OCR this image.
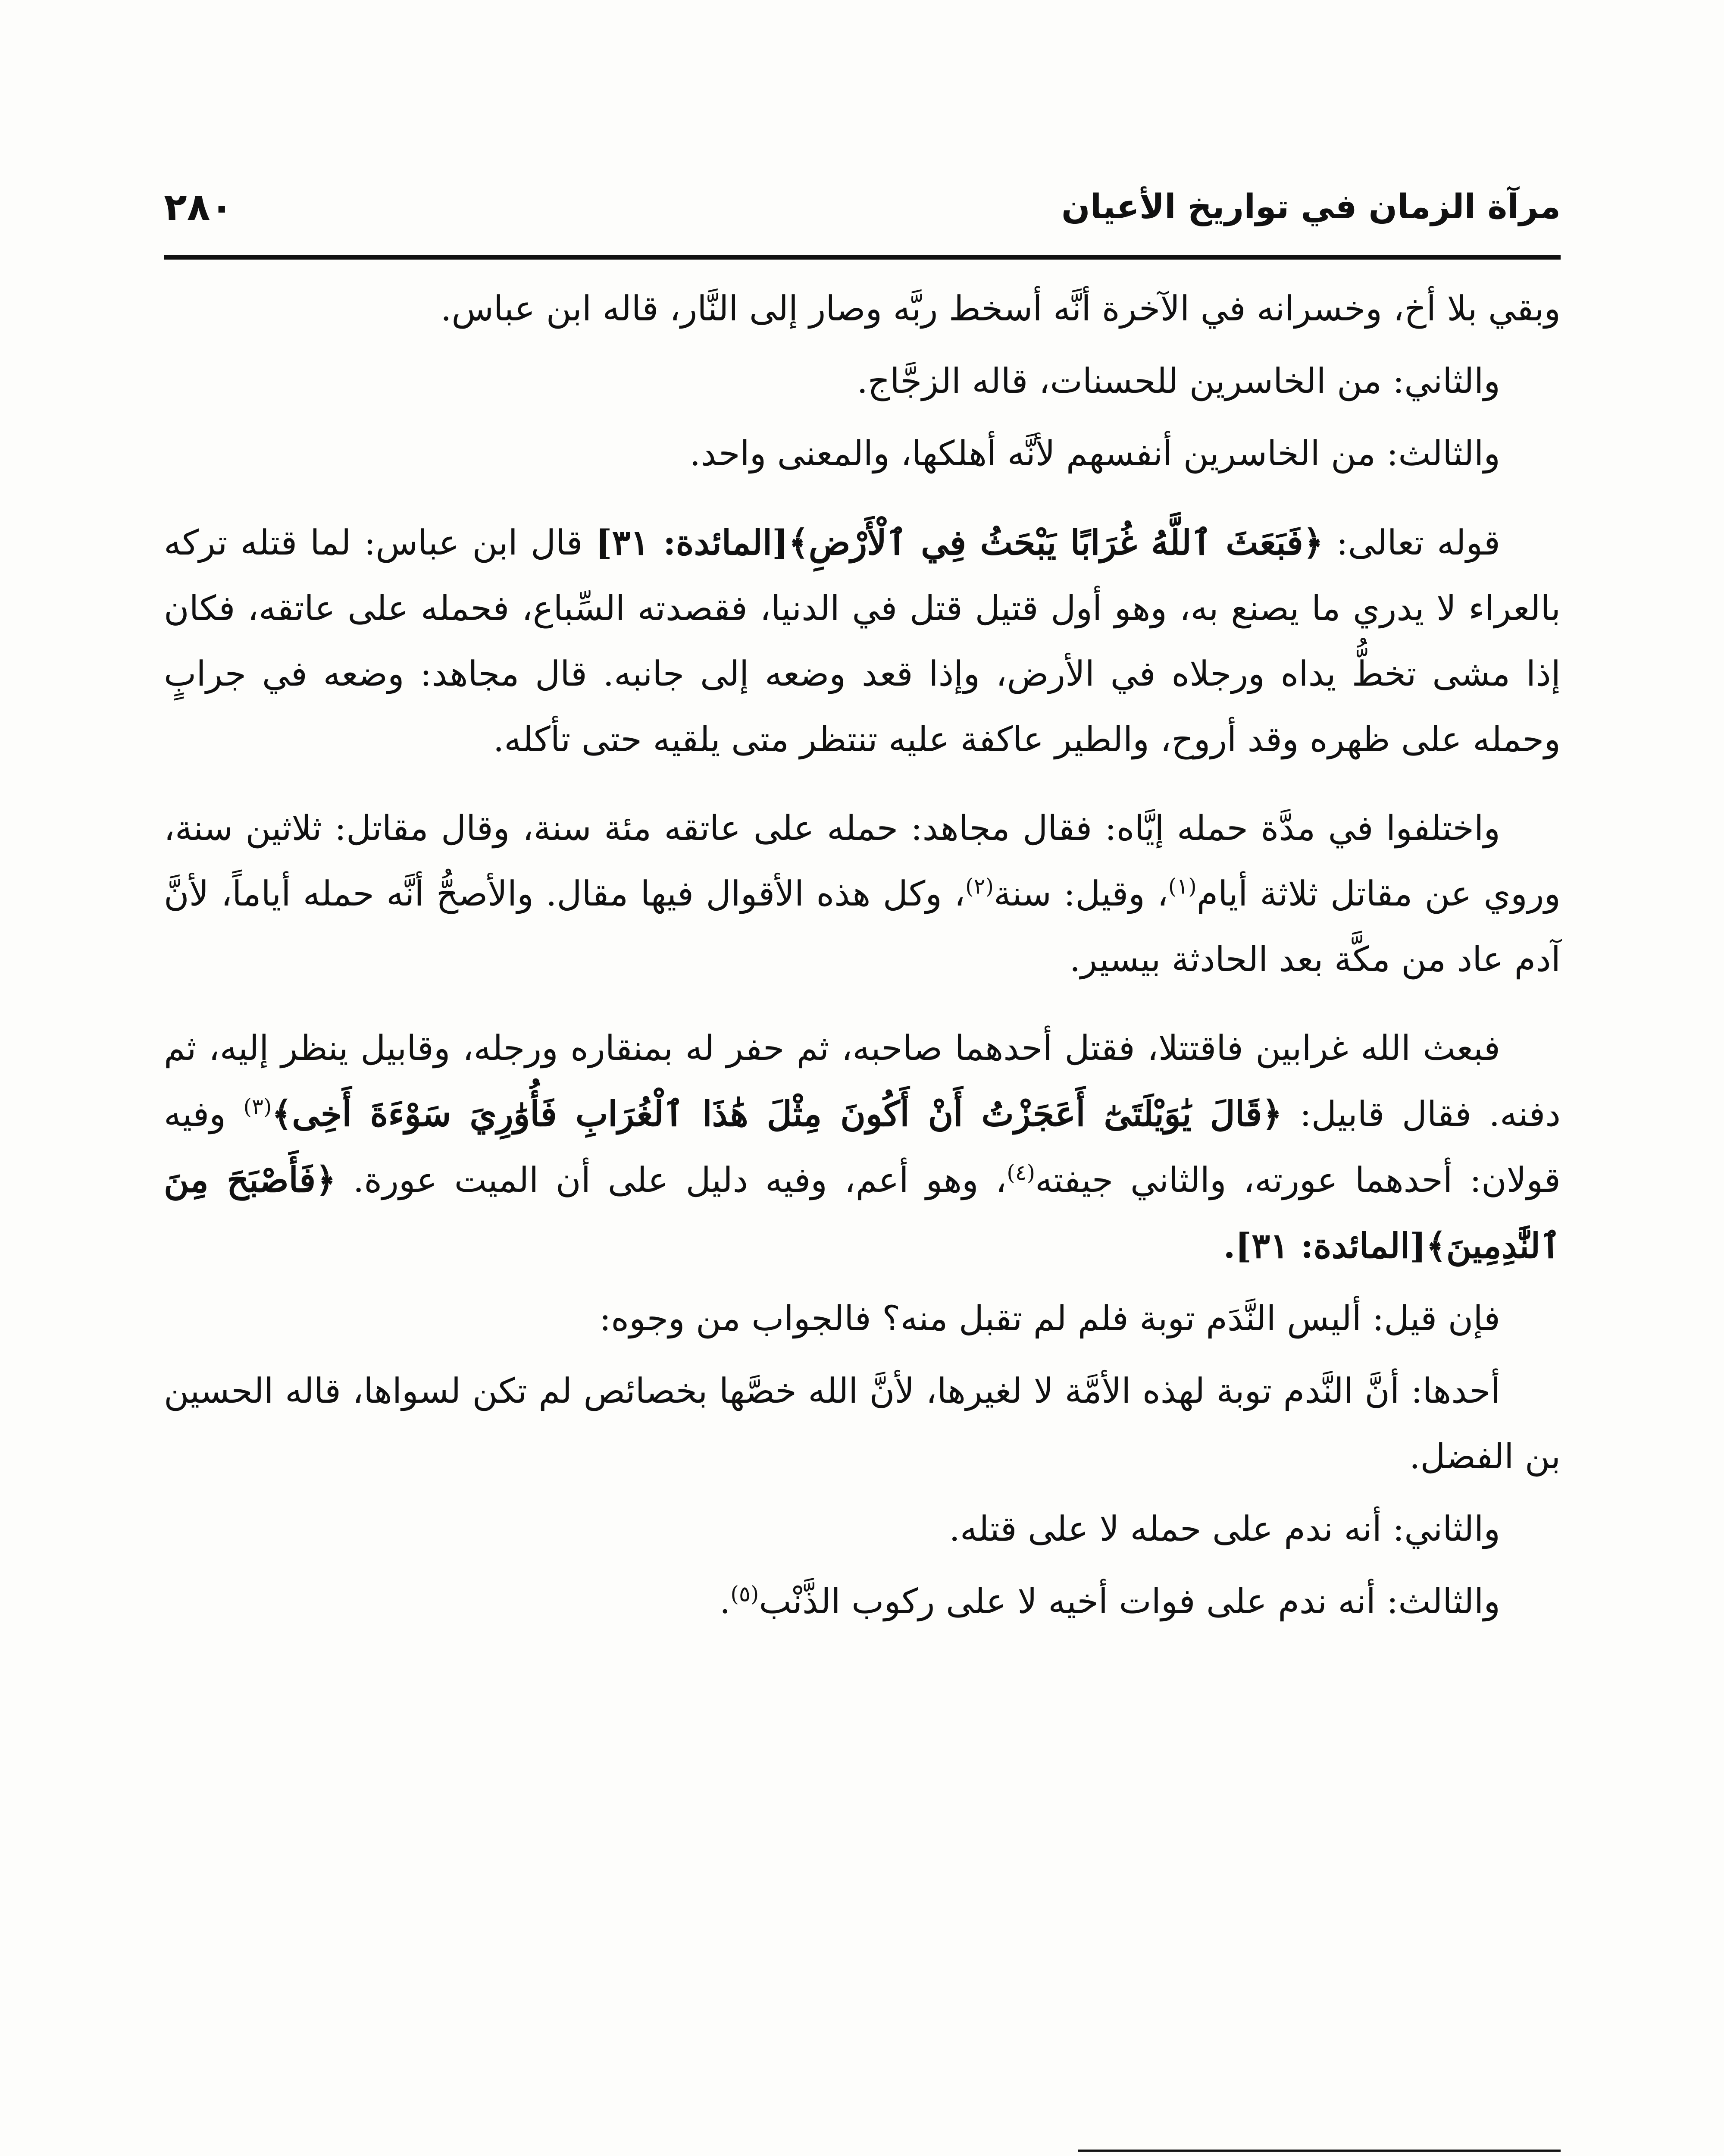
٢٨٠	مرآة الزمان في تواريخ الأعيان

وبقي بلا أخ، وخسرانه في الآخرة أنَّه أسخط ربَّه وصار إلى النَّار، قاله ابن عباس.

والثاني: من الخاسرين للحسنات، قاله الزجَّاج.

والثالث: من الخاسرين أنفسهم لأنَّه أهلكها، والمعنى واحد.

قوله تعالى: ﴿فَبَعَثَ ٱللَّهُ غُرَابًا يَبْحَثُ فِي ٱلْأَرْضِ﴾[المائدة: ٣١] قال ابن عباس: لما قتله تركه بالعراء لا يدري ما يصنع به، وهو أول قتيل قتل في الدنيا، فقصدته السِّباع، فحمله على عاتقه، فكان إذا مشى تخطُّ يداه ورجلاه في الأرض، وإذا قعد وضعه إلى جانبه. قال مجاهد: وضعه في جرابٍ وحمله على ظهره وقد أروح، والطير عاكفة عليه تنتظر متى يلقيه حتى تأكله.

واختلفوا في مدَّة حمله إيَّاه: فقال مجاهد: حمله على عاتقه مئة سنة، وقال مقاتل: ثلاثين سنة، وروي عن مقاتل ثلاثة أيام$^{(١)}$، وقيل: سنة$^{(٢)}$، وكل هذه الأقوال فيها مقال. والأصحُّ أنَّه حمله أياماً، لأنَّ آدم عاد من مكَّة بعد الحادثة بيسير.

فبعث الله غرابين فاقتتلا، فقتل أحدهما صاحبه، ثم حفر له بمنقاره ورجله، وقابيل ينظر إليه، ثم دفنه. فقال قابيل: ﴿قَالَ يَٰوَيْلَتَىٰٓ أَعَجَزْتُ أَنْ أَكُونَ مِثْلَ هَٰذَا ٱلْغُرَابِ فَأُوَٰرِيَ سَوْءَةَ أَخِى﴾$^{(٣)}$ وفيه قولان: أحدهما عورته، والثاني جيفته$^{(٤)}$، وهو أعم، وفيه دليل على أن الميت عورة. ﴿فَأَصْبَحَ مِنَ ٱلنَّٰدِمِينَ﴾[المائدة: ٣١].

فإن قيل: أليس النَّدَم توبة فلم لم تقبل منه؟ فالجواب من وجوه:

أحدها: أنَّ النَّدم توبة لهذه الأمَّة لا لغيرها، لأنَّ الله خصَّها بخصائص لم تكن لسواها، قاله الحسين بن الفضل.

والثاني: أنه ندم على حمله لا على قتله.

والثالث: أنه ندم على فوات أخيه لا على ركوب الذَّنْب$^{(٥)}$.
